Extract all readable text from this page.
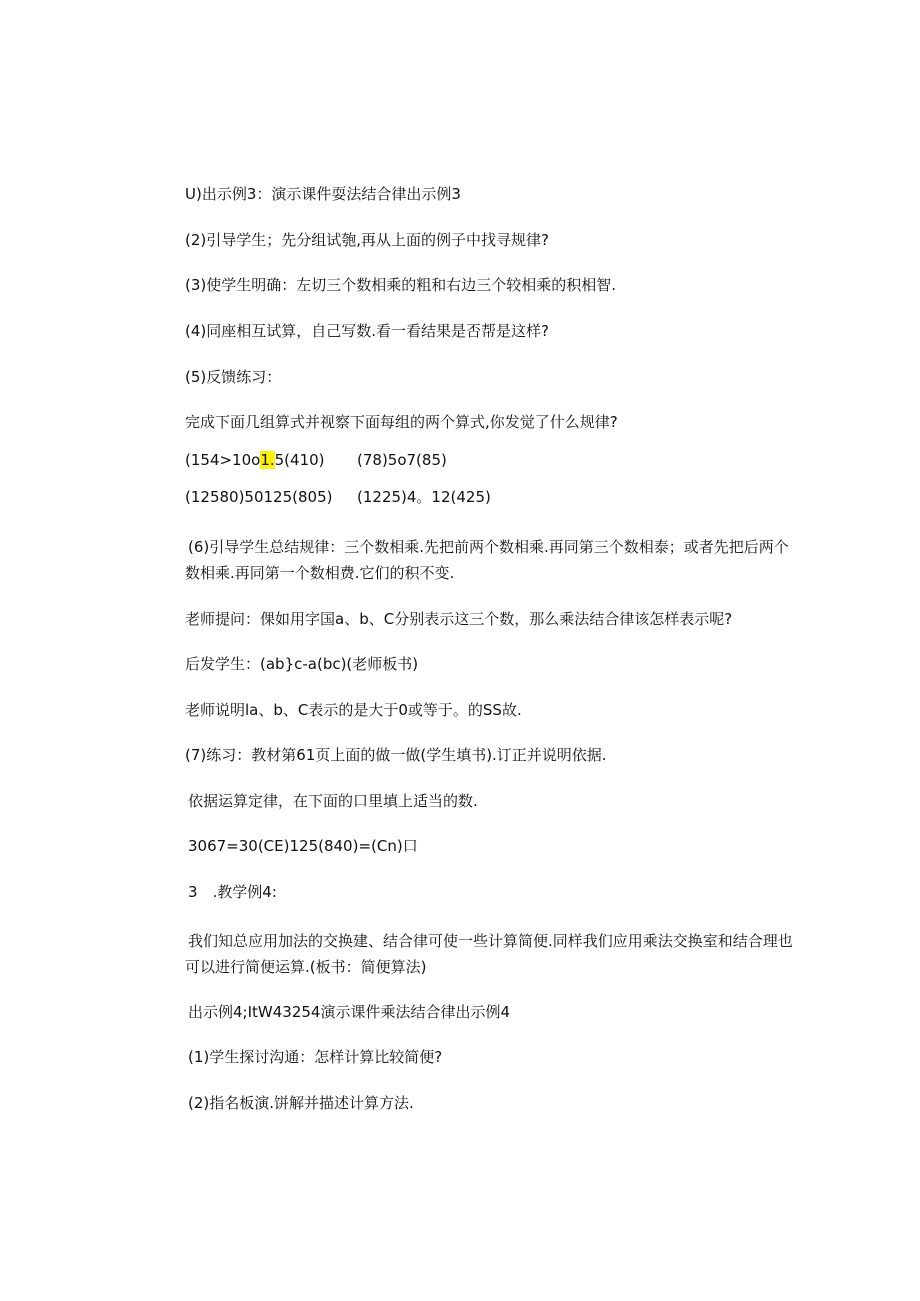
U)出示例3：演示课件耍法结合律出示例3
(2)引导学生；先分组试匏,再从上面的例子中找寻规律?
(3)使学生明确：左切三个数相乘的粗和右边三个较相乘的积相智.
(4)同座相互试算，自己写数.看一看结果是否帮是这样?
(5)反馈练习：
完成下面几组算式并视察下面每组的两个算式,你发觉了什么规律?
(154>10o1.5(410) (78)5o7(85)
(12580)50125(805) (1225)4。12(425)
(6)引导学生总结规律：三个数相乘.先把前两个数相乘.再同第三个数相泰；或者先把后两个数相乘.再同第一个数相费.它们的积不变.
老师提问：倮如用字国a、b、C分别表示这三个数，那么乘法结合律该怎样表示呢?
后发学生：(ab}c-a(bc)(老师板书)
老师说明la、b、C表示的是大于0或等于。的SS故.
(7)练习：教材第61页上面的做一做(学生填书).订正并说明依据.
依据运算定律，在下面的口里填上适当的数.
3067=30(CE)125(840)=(Cn)口
3　.教学例4:
我们知总应用加法的交换建、结合律可使一些计算简便.同样我们应用乘法交换室和结合理也可以进行简便运算.(板书：简便算法)
出示例4;ItW43254演示课件乘法结合律出示例4
(1)学生探讨沟通：怎样计算比较简便?
(2)指名板演.饼解并描述计算方法.
